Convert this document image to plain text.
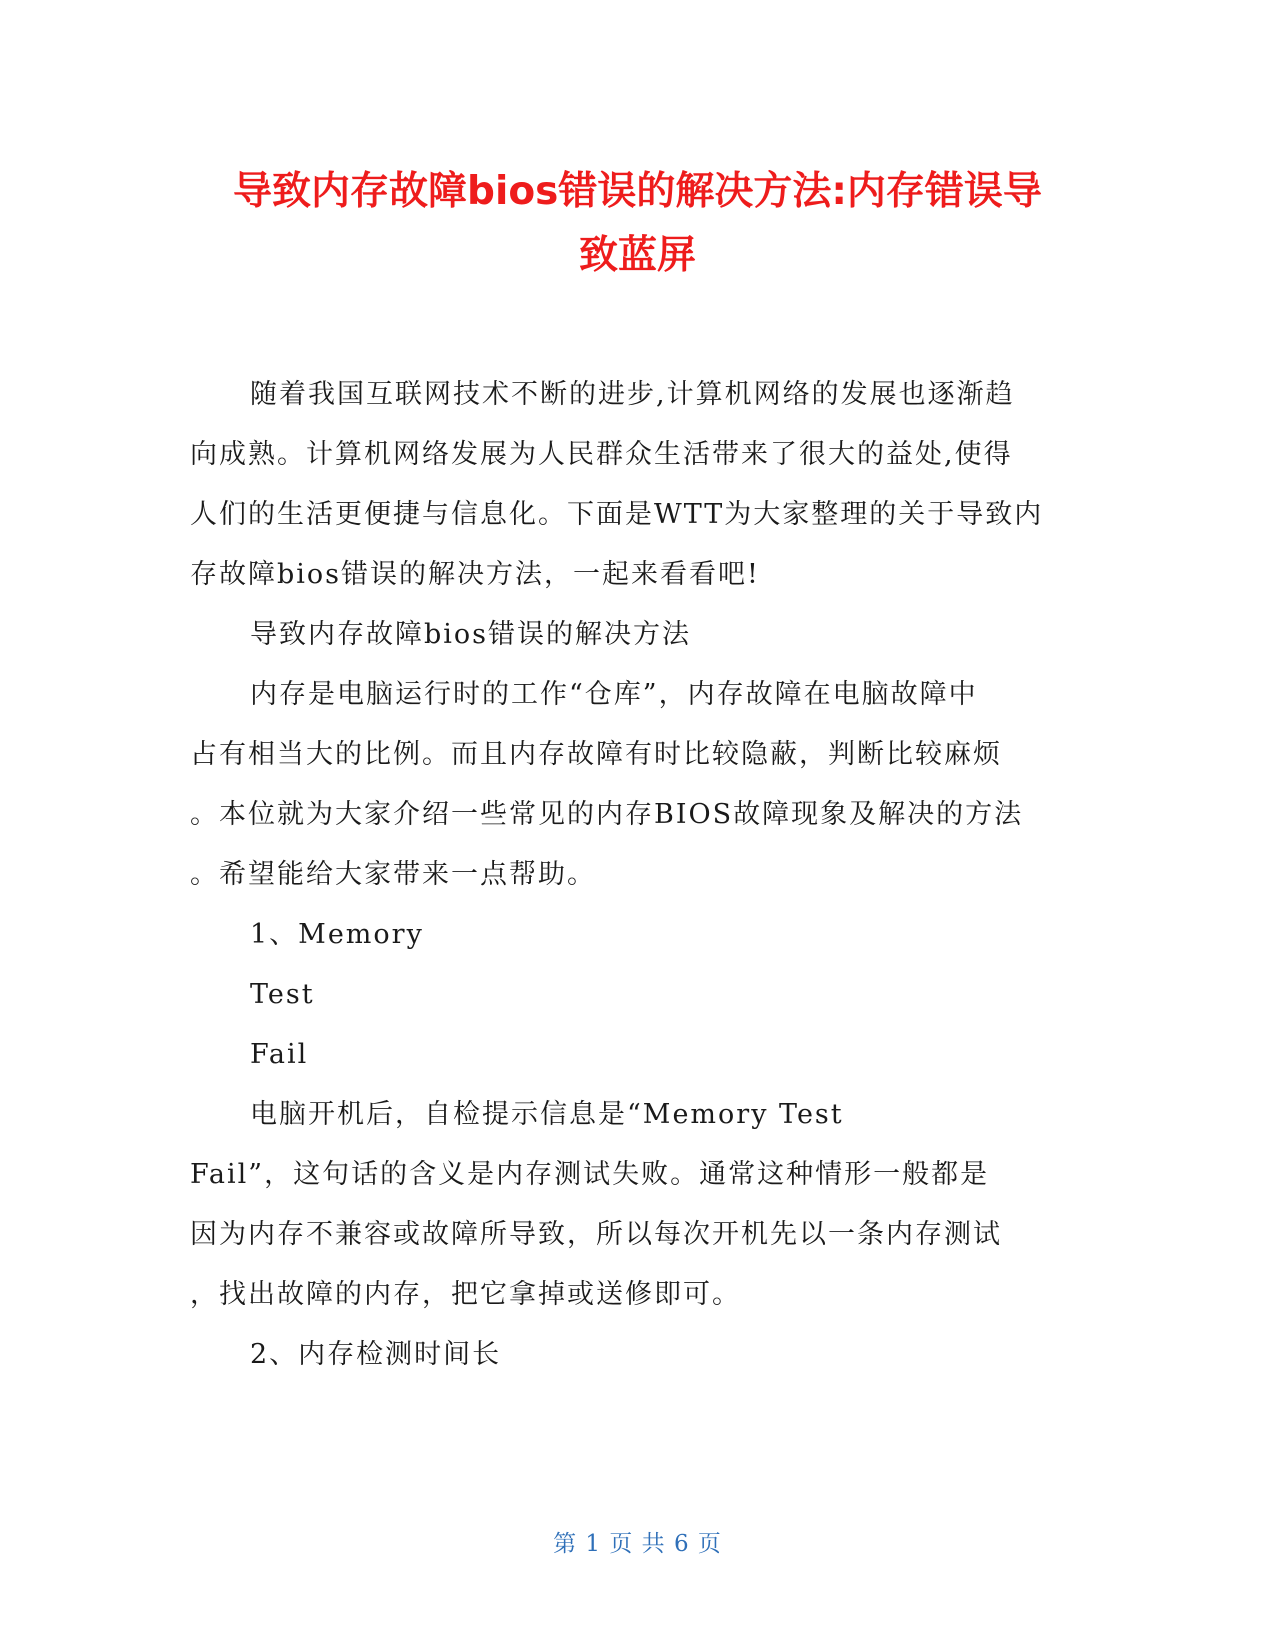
导致内存故障bios错误的解决方法:内存错误导
致蓝屏
随着我国互联网技术不断的进步,计算机网络的发展也逐渐趋
向成熟。计算机网络发展为人民群众生活带来了很大的益处,使得
人们的生活更便捷与信息化。下面是WTT为大家整理的关于导致内
存故障bios错误的解决方法，一起来看看吧!
导致内存故障bios错误的解决方法
内存是电脑运行时的工作“仓库”，内存故障在电脑故障中
占有相当大的比例。而且内存故障有时比较隐蔽，判断比较麻烦
。本位就为大家介绍一些常见的内存BIOS故障现象及解决的方法
。希望能给大家带来一点帮助。
1、Memory
Test
Fail
电脑开机后，自检提示信息是“Memory Test
Fail”，这句话的含义是内存测试失败。通常这种情形一般都是
因为内存不兼容或故障所导致，所以每次开机先以一条内存测试
，找出故障的内存，把它拿掉或送修即可。
2、内存检测时间长
第 1 页 共 6 页
